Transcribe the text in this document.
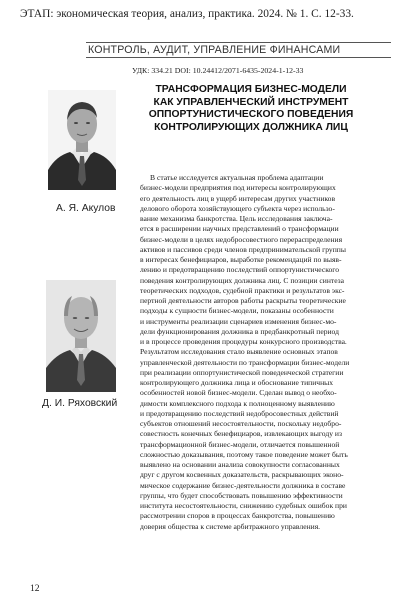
ЭТАП: экономическая теория, анализ, практика. 2024. № 1. С. 12-33.
КОНТРОЛЬ, АУДИТ, УПРАВЛЕНИЕ ФИНАНСАМИ
УДК: 334.21 DOI: 10.24412/2071-6435-2024-1-12-33
ТРАНСФОРМАЦИЯ БИЗНЕС-МОДЕЛИ
КАК УПРАВЛЕНЧЕСКИЙ ИНСТРУМЕНТ
ОППОРТУНИСТИЧЕСКОГО ПОВЕДЕНИЯ
КОНТРОЛИРУЮЩИХ ДОЛЖНИКА ЛИЦ
А. Я. Акулов
Д. И. Ряховский
В статье исследуется актуальная проблема адаптации
бизнес-модели предприятия под интересы контролирующих
его деятельность лиц в ущерб интересам других участников
делового оборота хозяйствующего субъекта через использо-
вание механизма банкротства. Цель исследования заключа-
ется в расширении научных представлений о трансформации
бизнес-модели в целях недобросовестного перераспределения
активов и пассивов среди членов предпринимательской группы
в интересах бенефициаров, выработке рекомендаций по выяв-
лению и предотвращению последствий оппортунистического
поведения контролирующих должника лиц. С позиции синтеза
теоретических подходов, судебной практики и результатов экс-
пертной деятельности авторов работы раскрыты теоретические
подходы к сущности бизнес-модели, показаны особенности
и инструменты реализации сценариев изменения бизнес-мо-
дели функционирования должника в предбанкротный период
и в процессе проведения процедуры конкурсного производства.
Результатом исследования стало выявление основных этапов
управленческой деятельности по трансформации бизнес-модели
при реализации оппортунистической поведенческой стратегии
контролирующего должника лица и обоснование типичных
особенностей новой бизнес-модели. Сделан вывод о необхо-
димости комплексного подхода к полноценному выявлению
и предотвращению последствий недобросовестных действий
субъектов отношений несостоятельности, поскольку недобро-
совестность конечных бенефициаров, извлекающих выгоду из
трансформационной бизнес-модели, отличается повышенной
сложностью доказывания, поэтому такое поведение может быть
выявлено на основании анализа совокупности согласованных
друг с другом косвенных доказательств, раскрывающих эконо-
мическое содержание бизнес-деятельности должника в составе
группы, что будет способствовать повышению эффективности
института несостоятельности, снижению судебных ошибок при
рассмотрении споров в процессах банкротства, повышению
доверия общества к системе арбитражного управления.
12
